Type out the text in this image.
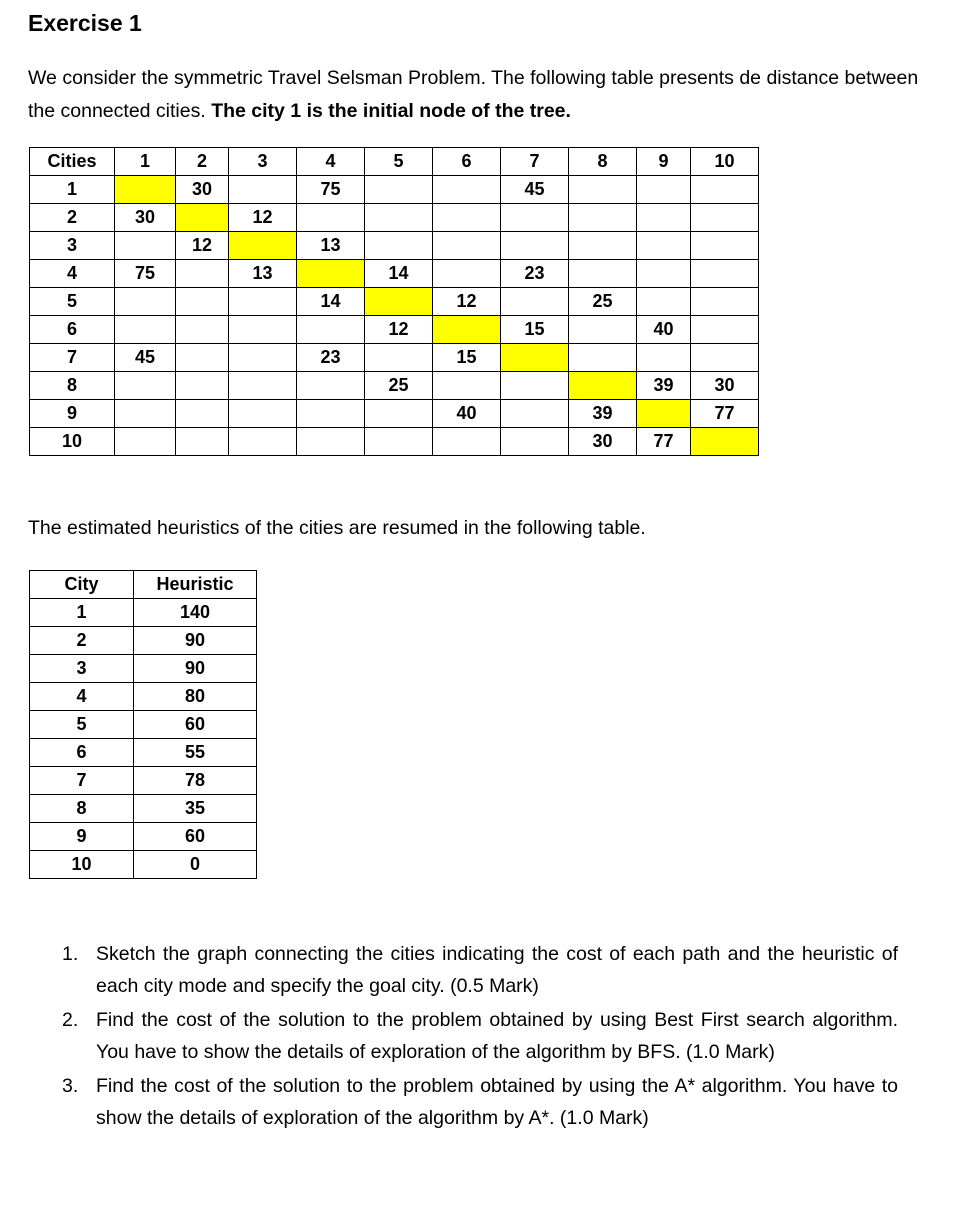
Exercise 1
We consider the symmetric Travel Selsman Problem. The following table presents de distance between the connected cities. The city 1 is the initial node of the tree.
Cities	1	2	3	4	5	6	7	8	9	10
1		30		75			45			
2	30		12							
3		12		13						
4	75		13		14		23			
5				14		12		25		
6					12		15		40	
7	45			23		15				
8					25				39	30
9						40		39		77
10								30	77	
The estimated heuristics of the cities are resumed in the following table.
City	Heuristic
1	140
2	90
3	90
4	80
5	60
6	55
7	78
8	35
9	60
10	0
1. Sketch the graph connecting the cities indicating the cost of each path and the heuristic of each city mode and specify the goal city. (0.5 Mark)
2. Find the cost of the solution to the problem obtained by using Best First search algorithm. You have to show the details of exploration of the algorithm by BFS. (1.0 Mark)
3. Find the cost of the solution to the problem obtained by using the A* algorithm. You have to show the details of exploration of the algorithm by A*. (1.0 Mark)
